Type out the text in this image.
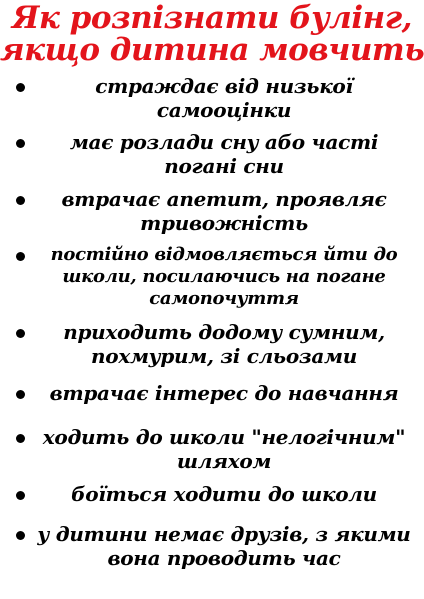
Як розпізнати булінг,
якщо дитина мовчить
страждає від низької
самооцінки
має розлади сну або часті
погані сни
втрачає апетит, проявляє
тривожність
постійно відмовляється йти до
школи, посилаючись на погане
самопочуття
приходить додому сумним,
похмурим, зі сльозами
втрачає інтерес до навчання
ходить до школи "нелогічним"
шляхом
боїться ходити до школи
у дитини немає друзів, з якими
вона проводить час
